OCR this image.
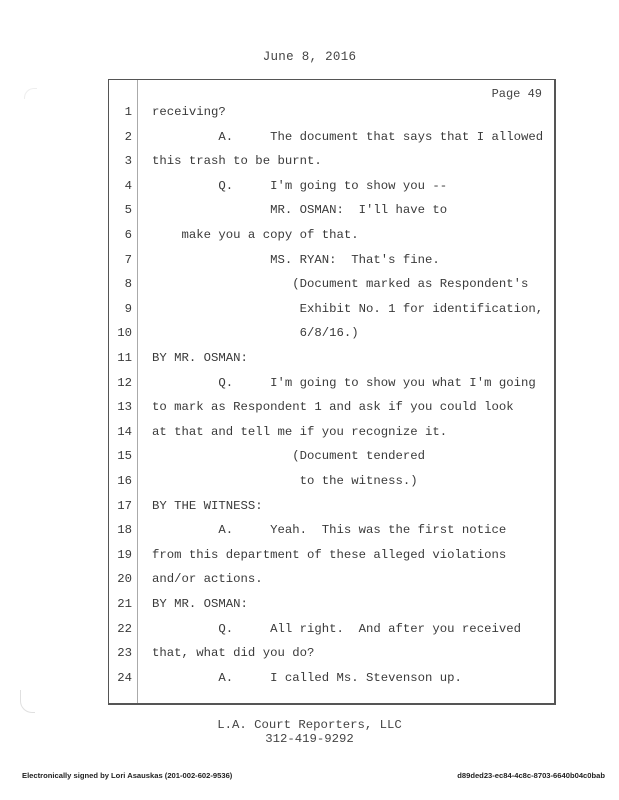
June 8, 2016
Page 49
1 receiving?
2 A.     The document that says that I allowed
3 this trash to be burnt.
4 Q.     I'm going to show you --
5 MR. OSMAN:  I'll have to
6 make you a copy of that.
7 MS. RYAN:  That's fine.
8 (Document marked as Respondent's
9 Exhibit No. 1 for identification,
10 6/8/16.)
11 BY MR. OSMAN:
12 Q.     I'm going to show you what I'm going
13 to mark as Respondent 1 and ask if you could look
14 at that and tell me if you recognize it.
15 (Document tendered
16 to the witness.)
17 BY THE WITNESS:
18 A.     Yeah.  This was the first notice
19 from this department of these alleged violations
20 and/or actions.
21 BY MR. OSMAN:
22 Q.     All right.  And after you received
23 that, what did you do?
24 A.     I called Ms. Stevenson up.
L.A. Court Reporters, LLC
312-419-9292
Electronically signed by Lori Asauskas (201-002-602-9536)	d89ded23-ec84-4c8c-8703-6640b04c0bab
